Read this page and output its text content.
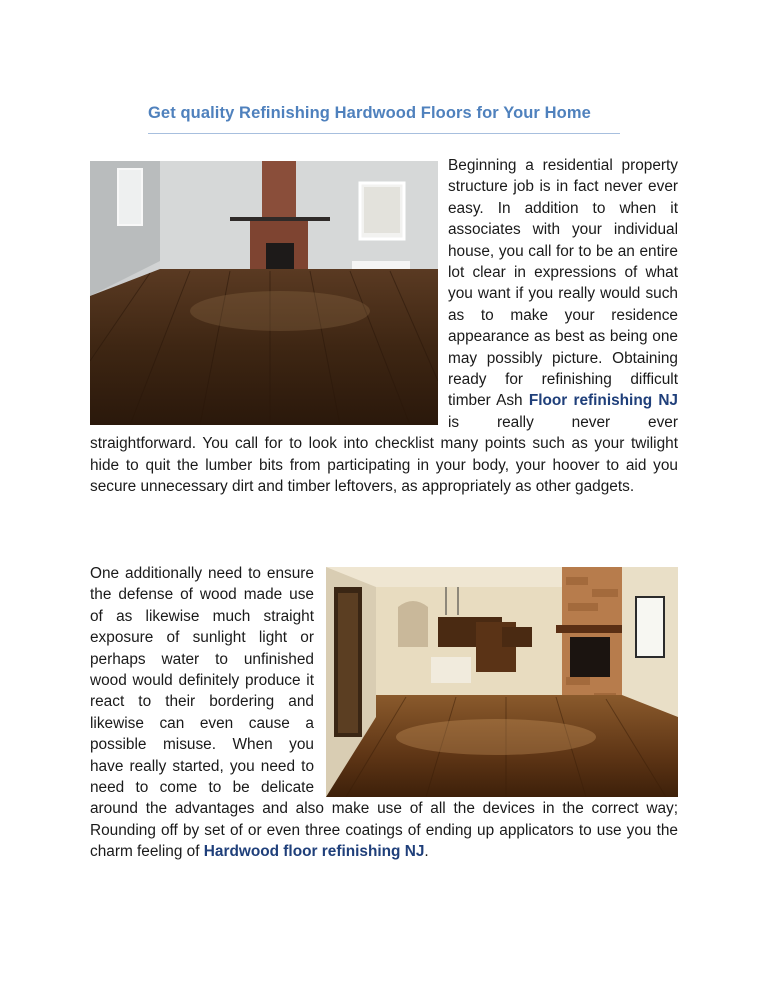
Get quality Refinishing Hardwood Floors for Your Home
Beginning a residential property structure job is in fact never ever easy. In addition to when it associates with your individual house, you call for to be an entire lot clear in expressions of what you want if you really would such as to make your residence appearance as best as being one may possibly picture. Obtaining ready for refinishing difficult timber Ash Floor refinishing NJ is really never ever straightforward. You call for to look into checklist many points such as your twilight hide to quit the lumber bits from participating in your body, your hoover to aid you secure unnecessary dirt and timber leftovers, as appropriately as other gadgets.
One additionally need to ensure the defense of wood made use of as likewise much straight exposure of sunlight light or perhaps water to unfinished wood would definitely produce it react to their bordering and likewise can even cause a possible misuse. When you have really started, you need to need to come to be delicate around the advantages and also make use of all the devices in the correct way; Rounding off by set of or even three coatings of ending up applicators to use you the charm feeling of Hardwood floor refinishing NJ.
